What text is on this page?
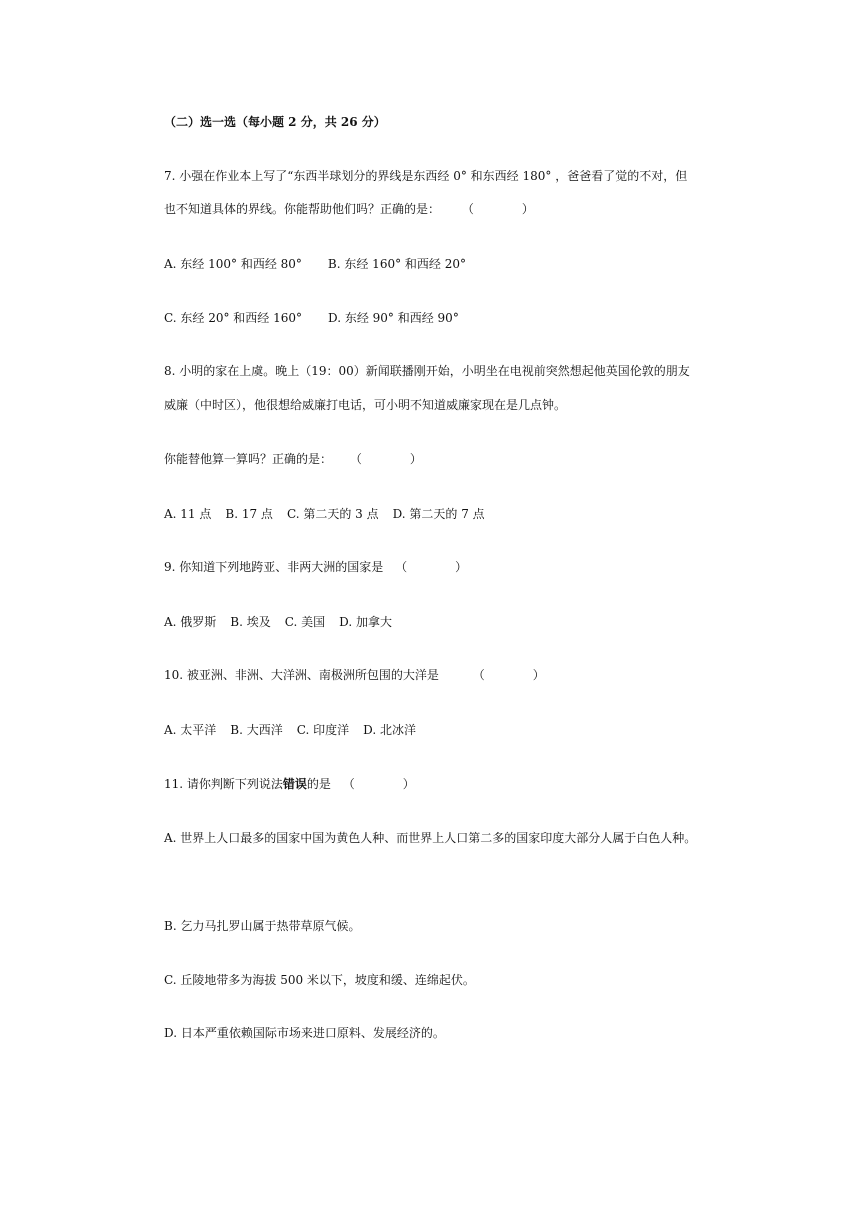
（二）选一选（每小题 2 分，共 26 分）
7. 小强在作业本上写了“东西半球划分的界线是东西经 0° 和东西经 180° ，爸爸看了觉的不对，但
也不知道具体的界线。你能帮助他们吗？正确的是： （　　　　）
A. 东经 100° 和西经 80° B. 东经 160° 和西经 20°
C. 东经 20° 和西经 160° D. 东经 90° 和西经 90°
8. 小明的家在上虞。晚上（19：00）新闻联播刚开始，小明坐在电视前突然想起他英国伦敦的朋友
威廉（中时区），他很想给威廉打电话，可小明不知道威廉家现在是几点钟。
你能替他算一算吗？正确的是： （　　　　）
A. 11 点 B. 17 点 C. 第二天的 3 点 D. 第二天的 7 点
9. 你知道下列地跨亚、非两大洲的国家是 （　　　　）
A. 俄罗斯 B. 埃及 C. 美国 D. 加拿大
10. 被亚洲、非洲、大洋洲、南极洲所包围的大洋是	（　　　　）
A. 太平洋 B. 大西洋 C. 印度洋 D. 北冰洋
11. 请你判断下列说法错误的是 （　　　　）
A. 世界上人口最多的国家中国为黄色人种、而世界上人口第二多的国家印度大部分人属于白色人种。
B. 乞力马扎罗山属于热带草原气候。
C. 丘陵地带多为海拔 500 米以下，坡度和缓、连绵起伏。
D. 日本严重依赖国际市场来进口原料、发展经济的。
